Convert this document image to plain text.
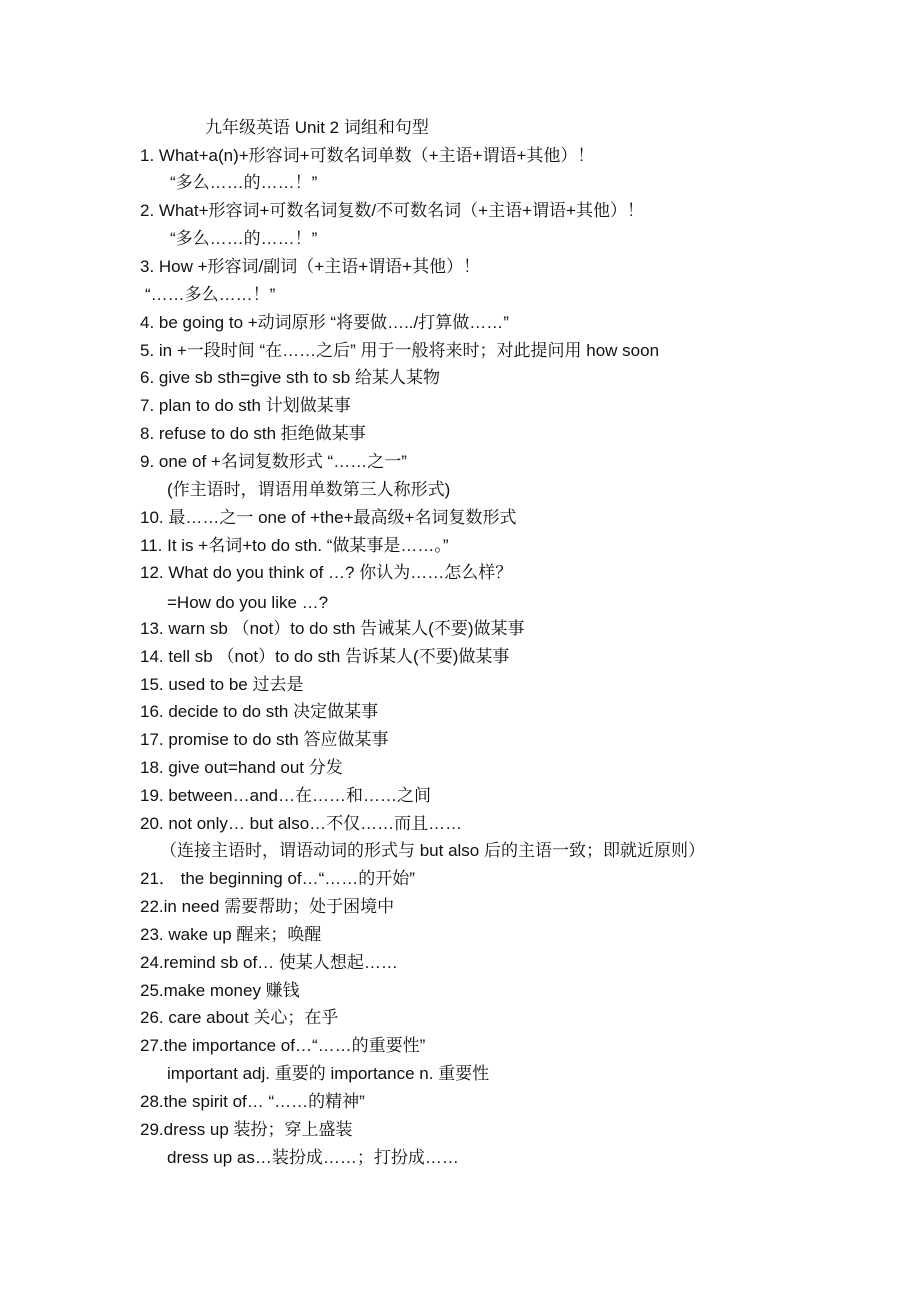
九年级英语 Unit 2 词组和句型
1. What+a(n)+形容词+可数名词单数（+主语+谓语+其他）！
“多么……的……！”
2. What+形容词+可数名词复数/不可数名词（+主语+谓语+其他）！
“多么……的……！”
3. How +形容词/副词（+主语+谓语+其他）！
“……多么……！”
4. be going to +动词原形 “将要做…../打算做……”
5. in +一段时间 “在……之后” 用于一般将来时；对此提问用 how soon
6. give sb sth=give sth to sb 给某人某物
7. plan to do sth 计划做某事
8. refuse to do sth 拒绝做某事
9. one of +名词复数形式 “……之一”
(作主语时，谓语用单数第三人称形式)
10. 最……之一 one of +the+最高级+名词复数形式
11. It is +名词+to do sth. “做某事是……。”
12. What do you think of …? 你认为……怎么样？
=How do you like …?
13. warn sb （not）to do sth 告诫某人(不要)做某事
14. tell sb （not）to do sth 告诉某人(不要)做某事
15. used to be 过去是
16. decide to do sth 决定做某事
17. promise to do sth 答应做某事
18. give out=hand out 分发
19. between…and…在……和……之间
20. not only… but also…不仅……而且……
（连接主语时，谓语动词的形式与 but also 后的主语一致；即就近原则）
21． the beginning of…“……的开始”
22.in need 需要帮助；处于困境中
23. wake up 醒来；唤醒
24.remind sb of… 使某人想起……
25.make money 赚钱
26. care about 关心；在乎
27.the importance of…“……的重要性”
important adj. 重要的 importance n. 重要性
28.the spirit of… “……的精神”
29.dress up 装扮；穿上盛装
dress up as…装扮成……；打扮成……
